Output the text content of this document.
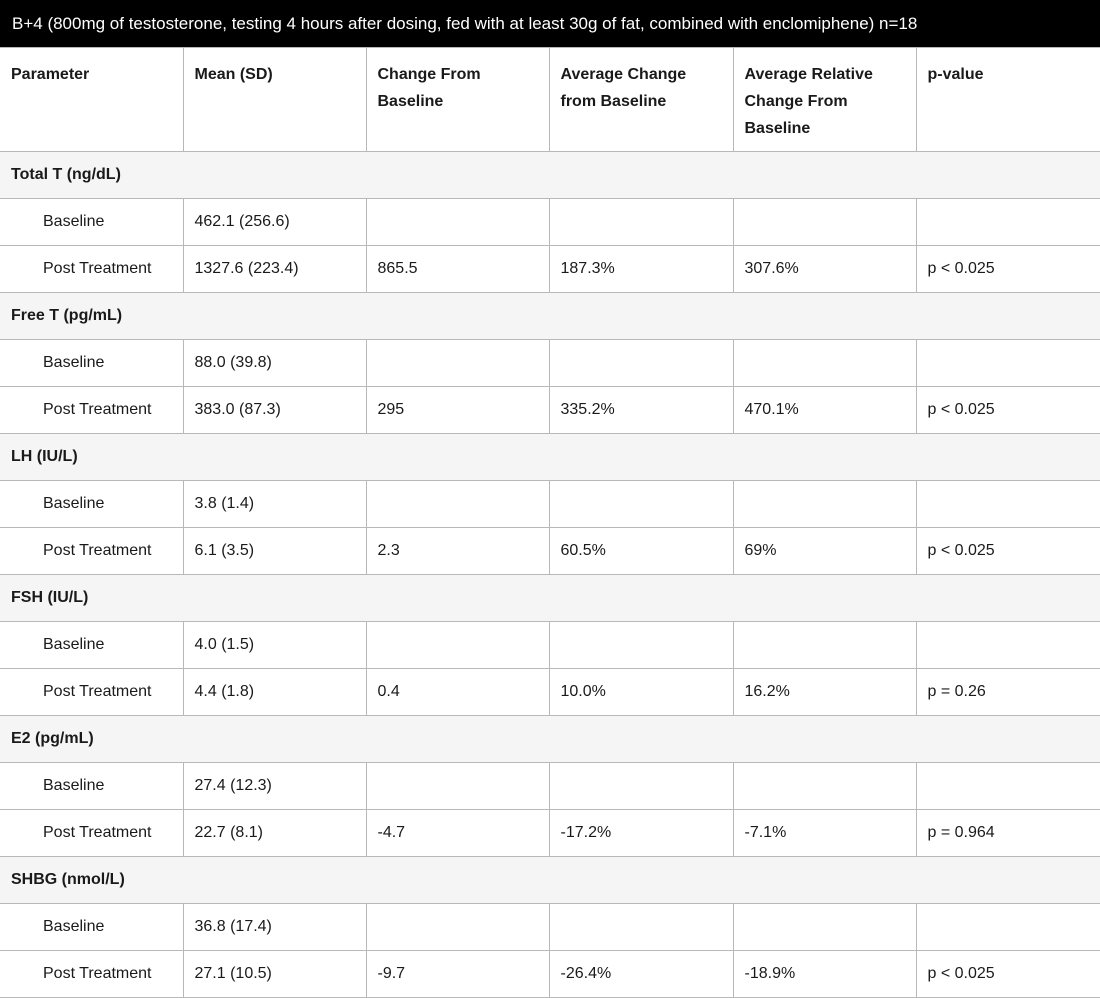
B+4 (800mg of testosterone, testing 4 hours after dosing, fed with at least 30g of fat, combined with enclomiphene) n=18
Parameter	Mean (SD)	Change From Baseline	Average Change from Baseline	Average Relative Change From Baseline	p-value
Total T (ng/dL)					
Baseline	462.1 (256.6)				
Post Treatment	1327.6 (223.4)	865.5	187.3%	307.6%	p < 0.025
Free T (pg/mL)					
Baseline	88.0 (39.8)				
Post Treatment	383.0 (87.3)	295	335.2%	470.1%	p < 0.025
LH (IU/L)					
Baseline	3.8 (1.4)				
Post Treatment	6.1 (3.5)	2.3	60.5%	69%	p < 0.025
FSH (IU/L)					
Baseline	4.0 (1.5)				
Post Treatment	4.4 (1.8)	0.4	10.0%	16.2%	p = 0.26
E2 (pg/mL)					
Baseline	27.4 (12.3)				
Post Treatment	22.7 (8.1)	-4.7	-17.2%	-7.1%	p = 0.964
SHBG (nmol/L)					
Baseline	36.8 (17.4)				
Post Treatment	27.1 (10.5)	-9.7	-26.4%	-18.9%	p < 0.025
